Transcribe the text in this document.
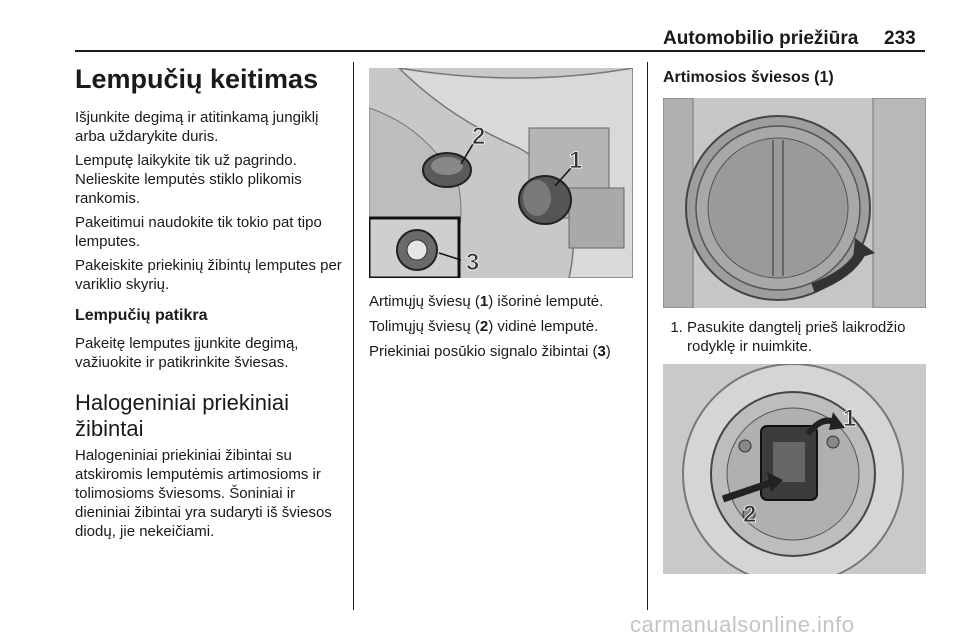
Automobilio priežiūra 233
Lempučių keitimas

Išjunkite degimą ir atitinkamą jungiklį arba uždarykite duris.

Lemputę laikykite tik už pagrindo. Nelieskite lemputės stiklo plikomis rankomis.

Pakeitimui naudokite tik tokio pat tipo lemputes.

Pakeiskite priekinių žibintų lemputes per variklio skyrių.

Lempučių patikra

Pakeitę lemputes įjunkite degimą, važiuokite ir patikrinkite šviesas.

Halogeniniai priekiniai žibintai

Halogeniniai priekiniai žibintai su atskiromis lemputėmis artimosioms ir tolimosioms šviesoms. Šoniniai ir dieniniai žibintai yra sudaryti iš šviesos diodų, jie nekeičiami.

2
1
3

Artimųjų šviesų (1) išorinė lemputė.

Tolimųjų šviesų (2) vidinė lemputė.

Priekiniai posūkio signalo žibintai (3)

Artimosios šviesos (1)
1. Pasukite dangtelį prieš laikrodžio rodyklę ir nuimkite.
1
2
carmanualsonline.info
